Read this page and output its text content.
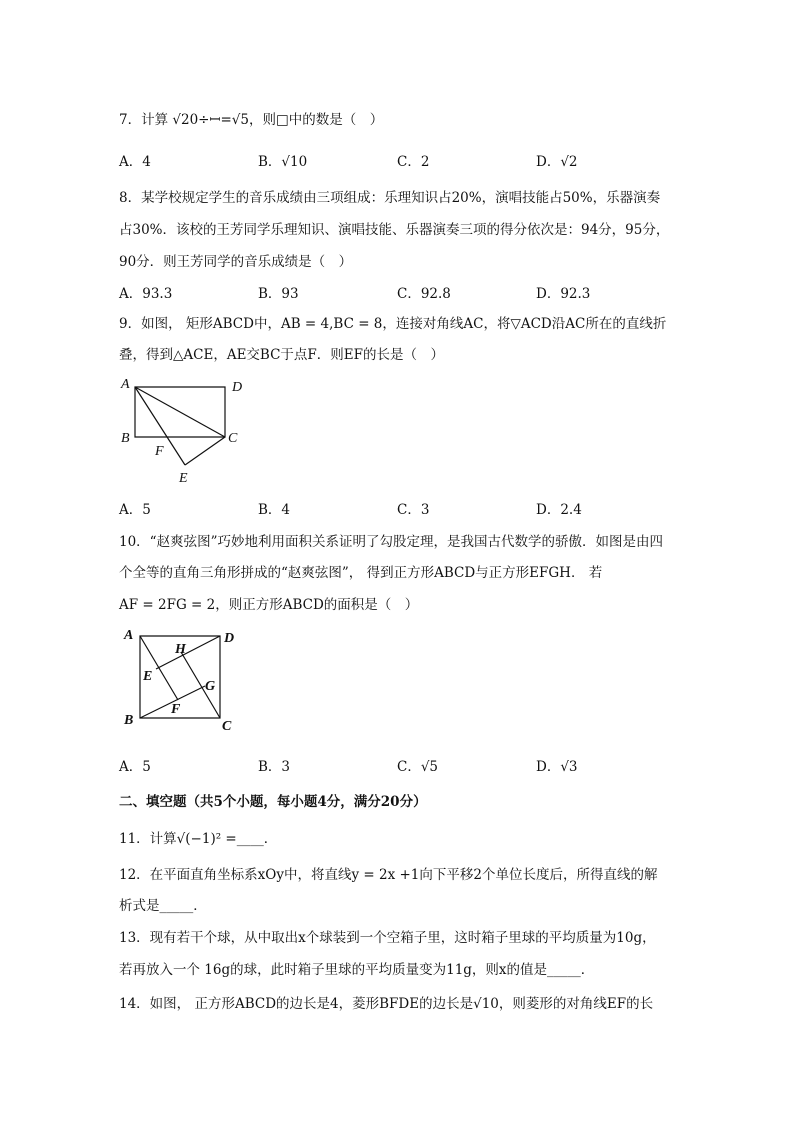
7．计算 √20÷ꟷ=√5，则□中的数是（　）
A．4	B．√10	C．2	D．√2
8．某学校规定学生的音乐成绩由三项组成：乐理知识占20%，演唱技能占50%，乐器演奏
占30%．该校的王芳同学乐理知识、演唱技能、乐器演奏三项的得分依次是：94分，95分，
90分．则王芳同学的音乐成绩是（　）
A．93.3	B．93	C．92.8	D．92.3
9．如图， 矩形ABCD中，AB = 4,BC = 8，连接对角线AC，将▽ACD沿AC所在的直线折
叠，得到△ACE，AE交BC于点F．则EF的长是（　）
A	D
B	C
F
E
A．5	B．4	C．3	D．2.4
10．“赵爽弦图”巧妙地利用面积关系证明了勾股定理，是我国古代数学的骄傲．如图是由四
个全等的直角三角形拼成的“赵爽弦图”， 得到正方形ABCD与正方形EFGH． 若
AF = 2FG = 2，则正方形ABCD的面积是（　）
A	D
H
E
G
F
B	C
A．5	B．3	C．√5	D．√3
二、填空题（共5个小题，每小题4分，满分20分）
11．计算√(−1)² =____．
12．在平面直角坐标系xOy中，将直线y = 2x +1向下平移2个单位长度后，所得直线的解
析式是_____．
13．现有若干个球，从中取出x个球装到一个空箱子里，这时箱子里球的平均质量为10g，
若再放入一个 16g的球，此时箱子里球的平均质量变为11g，则x的值是_____．
14．如图， 正方形ABCD的边长是4，菱形BFDE的边长是√10，则菱形的对角线EF的长
